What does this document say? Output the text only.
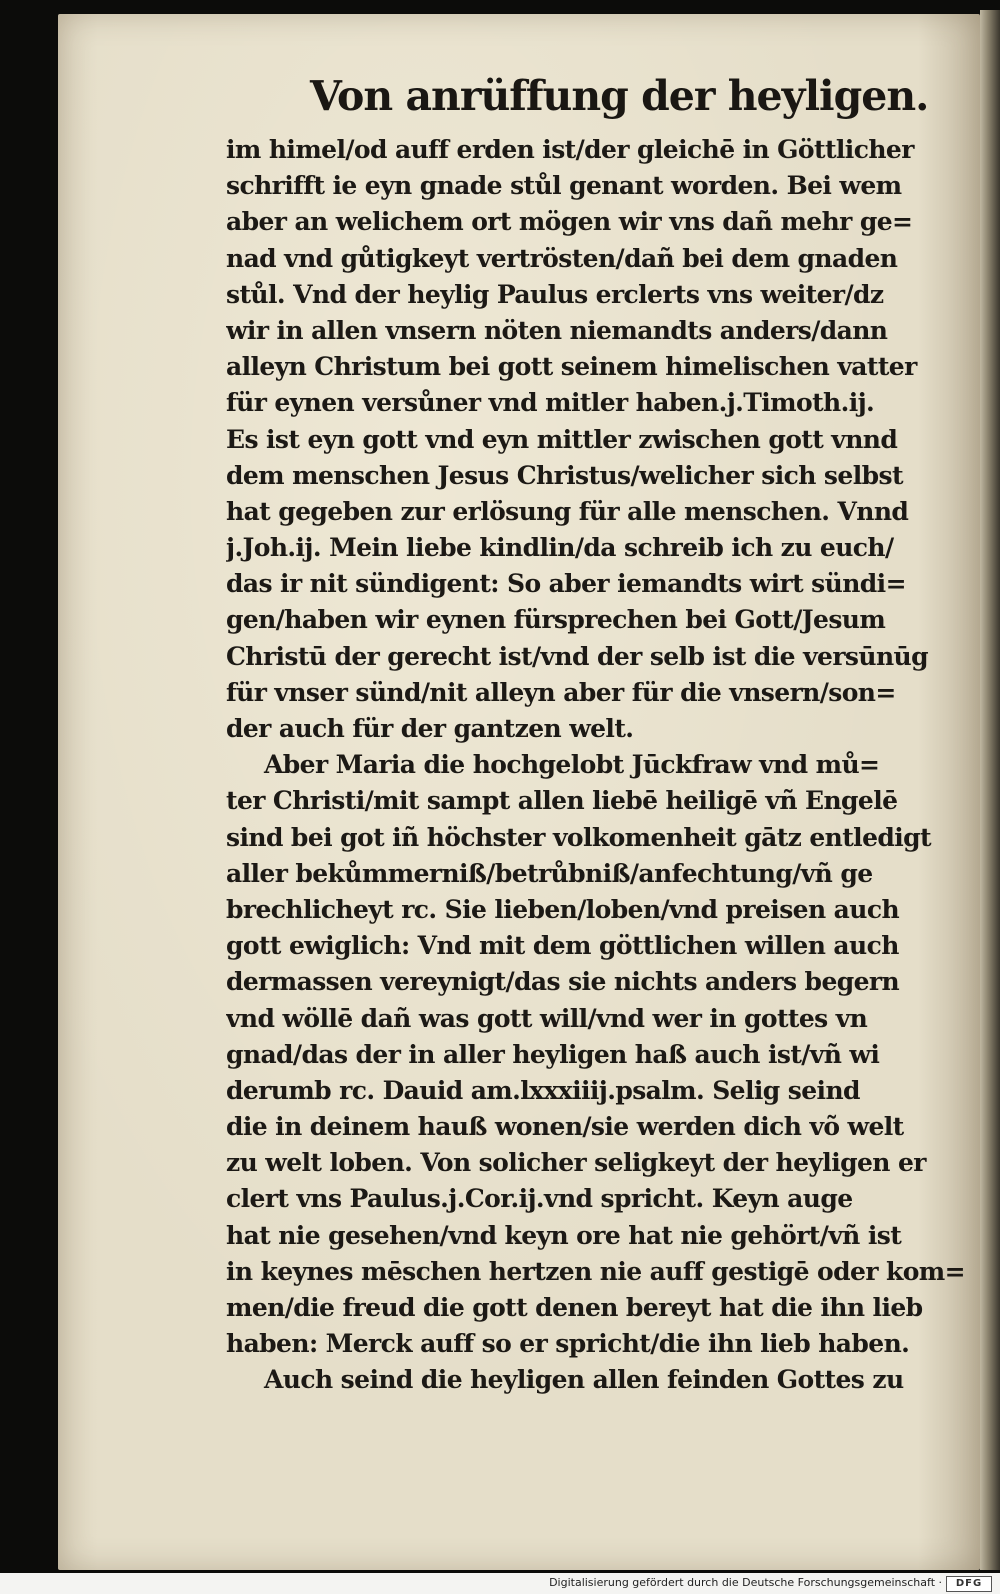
Von anrüffung der heyligen.
im himel/od auff erden ist/der gleichē in Göttlicher
schrifft ie eyn gnade stůl genant worden. Bei wem
aber an welichem ort mögen wir vns dañ mehr ge=
nad vnd gůtigkeyt vertrösten/dañ bei dem gnaden
stůl. Vnd der heylig Paulus erclerts vns weiter/dz
wir in allen vnsern nöten niemandts anders/dann
alleyn Christum bei gott seinem himelischen vatter
für eynen versůner vnd mitler haben.j.Timoth.ij.
Es ist eyn gott vnd eyn mittler zwischen gott vnnd
dem menschen Jesus Christus/welicher sich selbst
hat gegeben zur erlösung für alle menschen. Vnnd
j.Joh.ij. Mein liebe kindlin/da schreib ich zu euch/
das ir nit sündigent: So aber iemandts wirt sündi=
gen/haben wir eynen fürsprechen bei Gott/Jesum
Christū der gerecht ist/vnd der selb ist die versūnūg
für vnser sünd/nit alleyn aber für die vnsern/son=
der auch für der gantzen welt.
Aber Maria die hochgelobt Jūckfraw vnd mů=
ter Christi/mit sampt allen liebē heiligē vñ Engelē
sind bei got iñ höchster volkomenheit gātz entledigt
aller bekůmmerniß/betrůbniß/anfechtung/vñ ge
brechlicheyt rc. Sie lieben/loben/vnd preisen auch
gott ewiglich: Vnd mit dem göttlichen willen auch
dermassen vereynigt/das sie nichts anders begern
vnd wöllē dañ was gott will/vnd wer in gottes vn
gnad/das der in aller heyligen haß auch ist/vñ wi
derumb rc. Dauid am.lxxxiiij.psalm. Selig seind
die in deinem hauß wonen/sie werden dich võ welt
zu welt loben. Von solicher seligkeyt der heyligen er
clert vns Paulus.j.Cor.ij.vnd spricht. Keyn auge
hat nie gesehen/vnd keyn ore hat nie gehört/vñ ist
in keynes mēschen hertzen nie auff gestigē oder kom=
men/die freud die gott denen bereyt hat die ihn lieb
haben: Merck auff so er spricht/die ihn lieb haben.
Auch seind die heyligen allen feinden Gottes zu
Digitalisierung gefördert durch die Deutsche Forschungsgemeinschaft ·	DFG
